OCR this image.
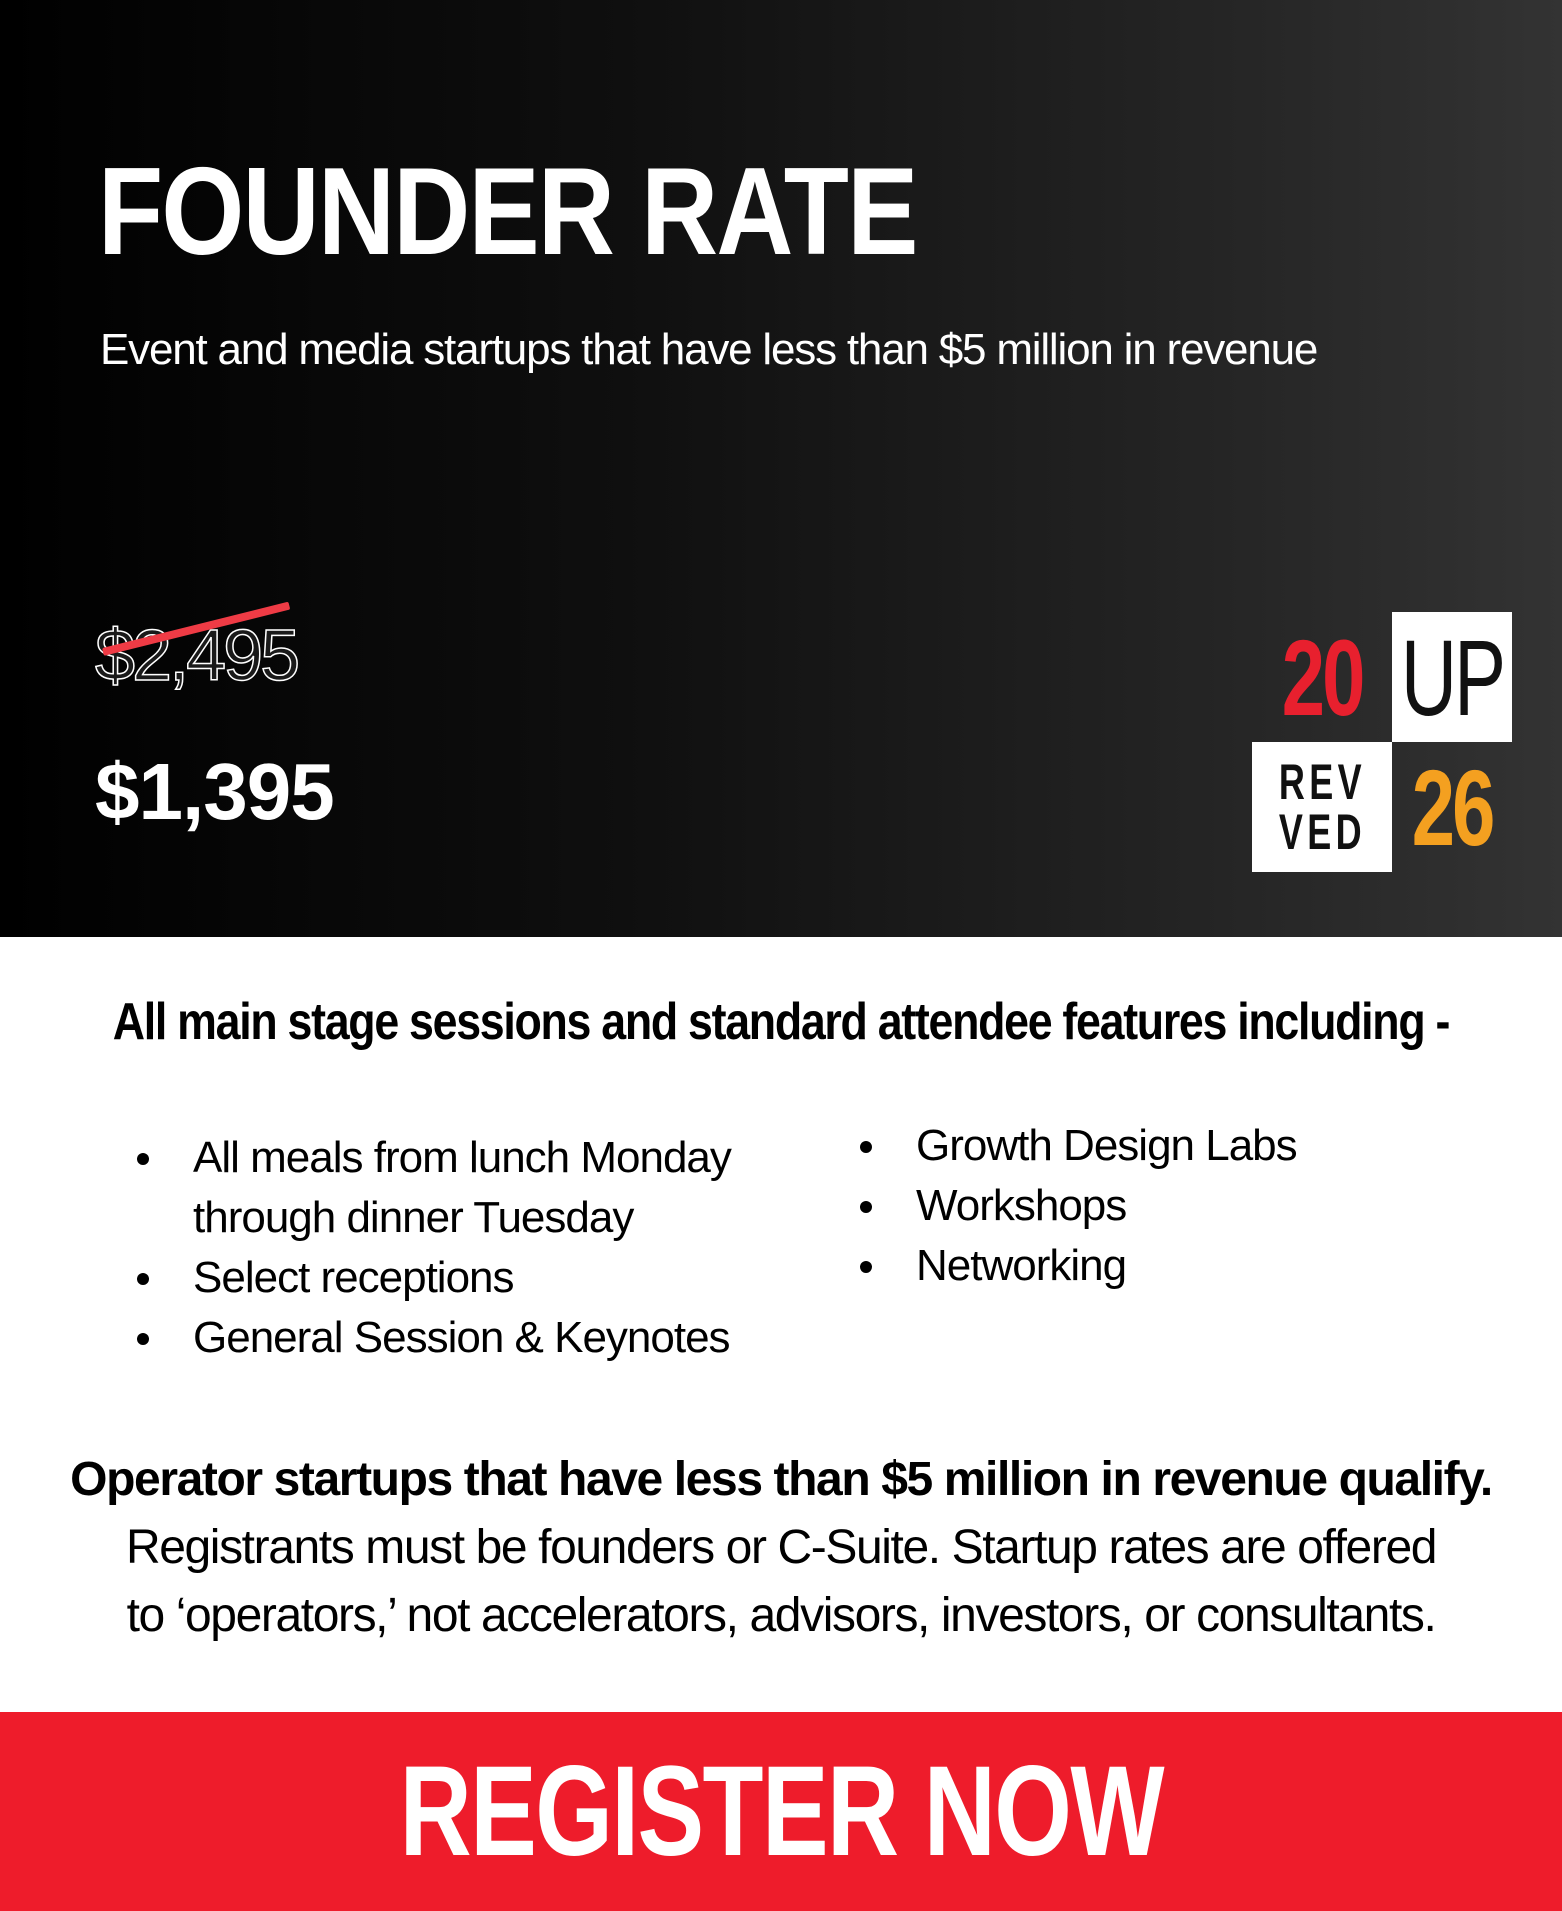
FOUNDER RATE

Event and media startups that have less than $5 million in revenue

$2,495

$1,395

20 UP
REV
VED 26
All main stage sessions and standard attendee features including -
All meals from lunch Monday
through dinner Tuesday
Select receptions
General Session & Keynotes
Growth Design Labs
Workshops
Networking

Operator startups that have less than $5 million in revenue qualify.
Registrants must be founders or C-Suite. Startup rates are offered
to ‘operators,’ not accelerators, advisors, investors, or consultants.

REGISTER NOW
